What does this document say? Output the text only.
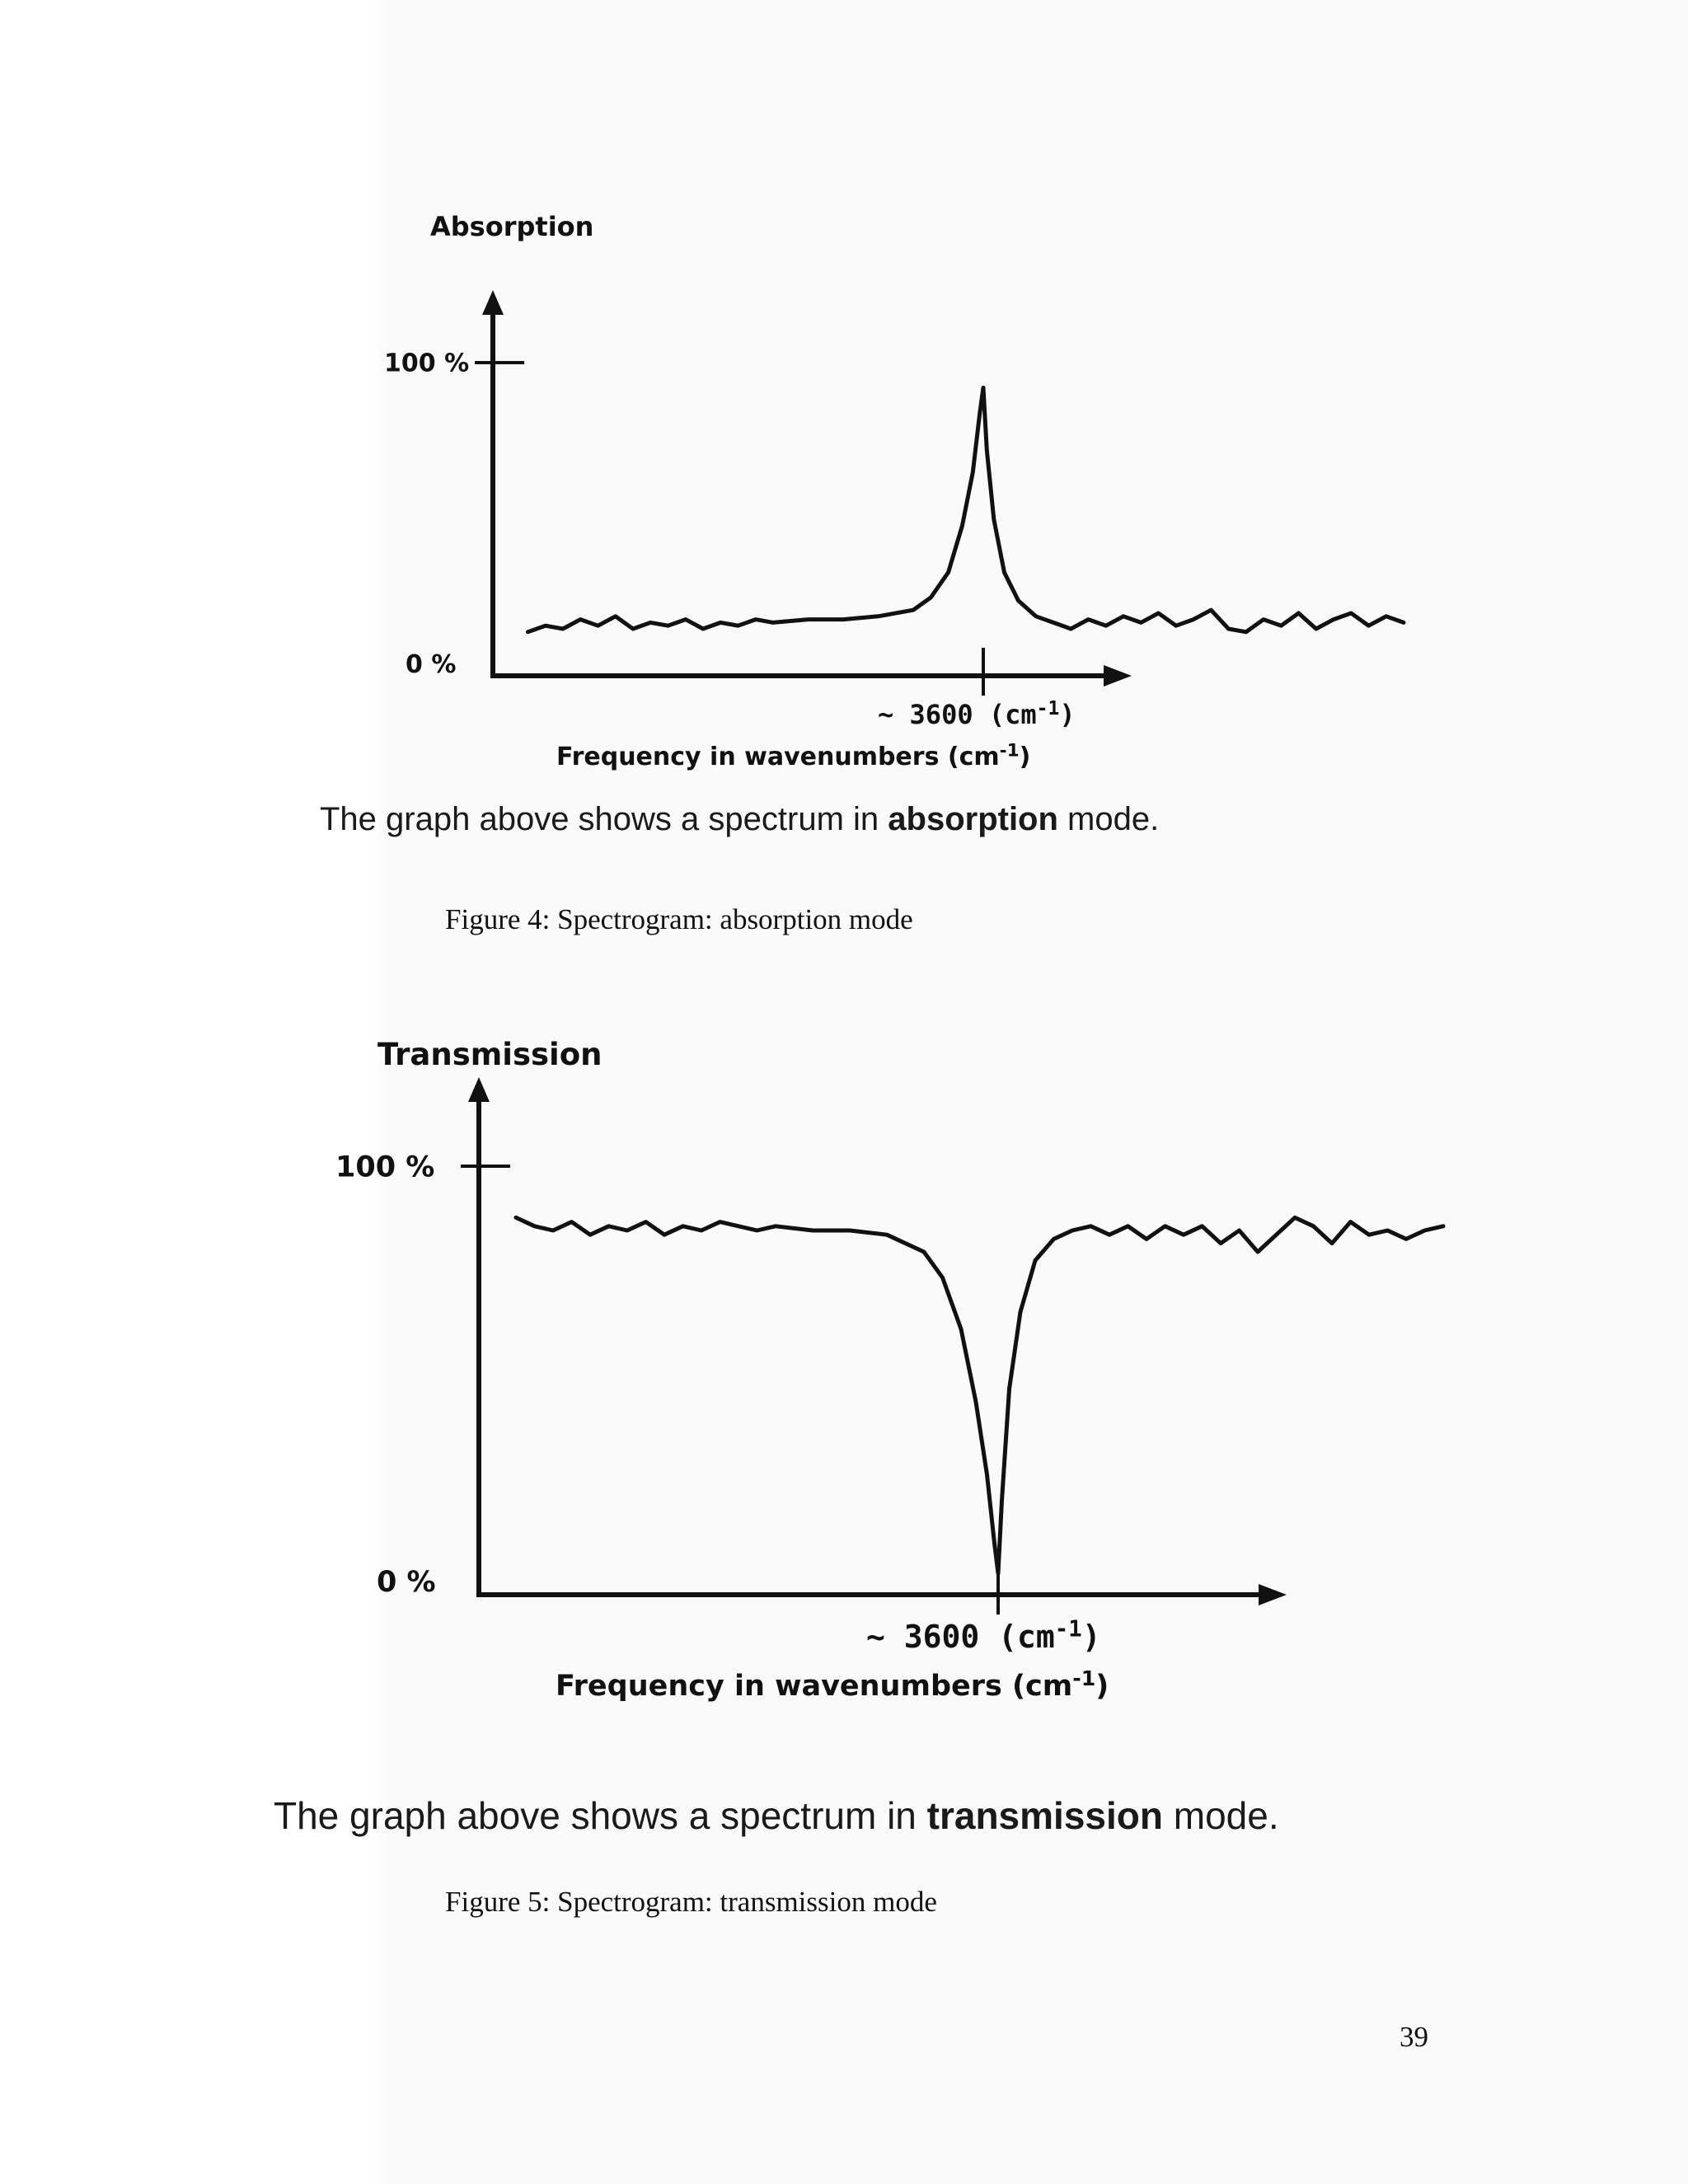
Absorption
100 %
0 %
~ 3600 $(cm^{-1})$
Frequency in wavenumbers $(cm^{-1})$
The graph above shows a spectrum in absorption mode.
Figure 4: Spectrogram: absorption mode
Transmission
100 %
0 %
~ 3600 $(cm^{-1})$
Frequency in wavenumbers $(cm^{-1})$
The graph above shows a spectrum in transmission mode.
Figure 5: Spectrogram: transmission mode
39
